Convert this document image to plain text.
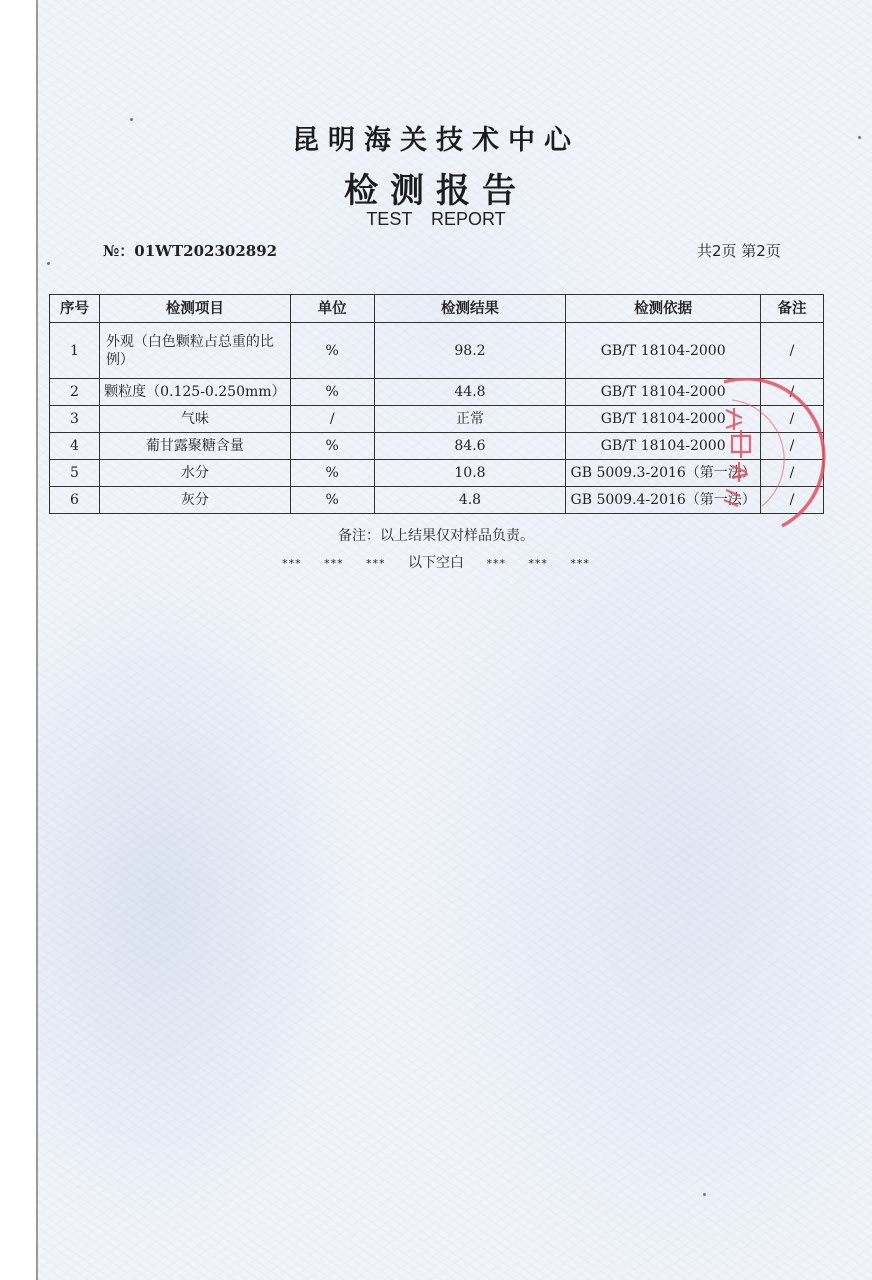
昆明海关技术中心
检测报告
TEST REPORT
№：01WT202302892	共2页 第2页
序号	检测项目	单位	检测结果	检测依据	备注
1	外观（白色颗粒占总重的比例）	%	98.2	GB/T 18104-2000	/
2	颗粒度（0.125-0.250mm）	%	44.8	GB/T 18104-2000	/
3	气味	/	正常	GB/T 18104-2000	/
4	葡甘露聚糖含量	%	84.6	GB/T 18104-2000	/
5	水分	%	10.8	GB 5009.3-2016（第一法）	/
6	灰分	%	4.8	GB 5009.4-2016（第一法）	/
备注：以上结果仅对样品负责。
*** *** *** 以下空白 *** *** ***
